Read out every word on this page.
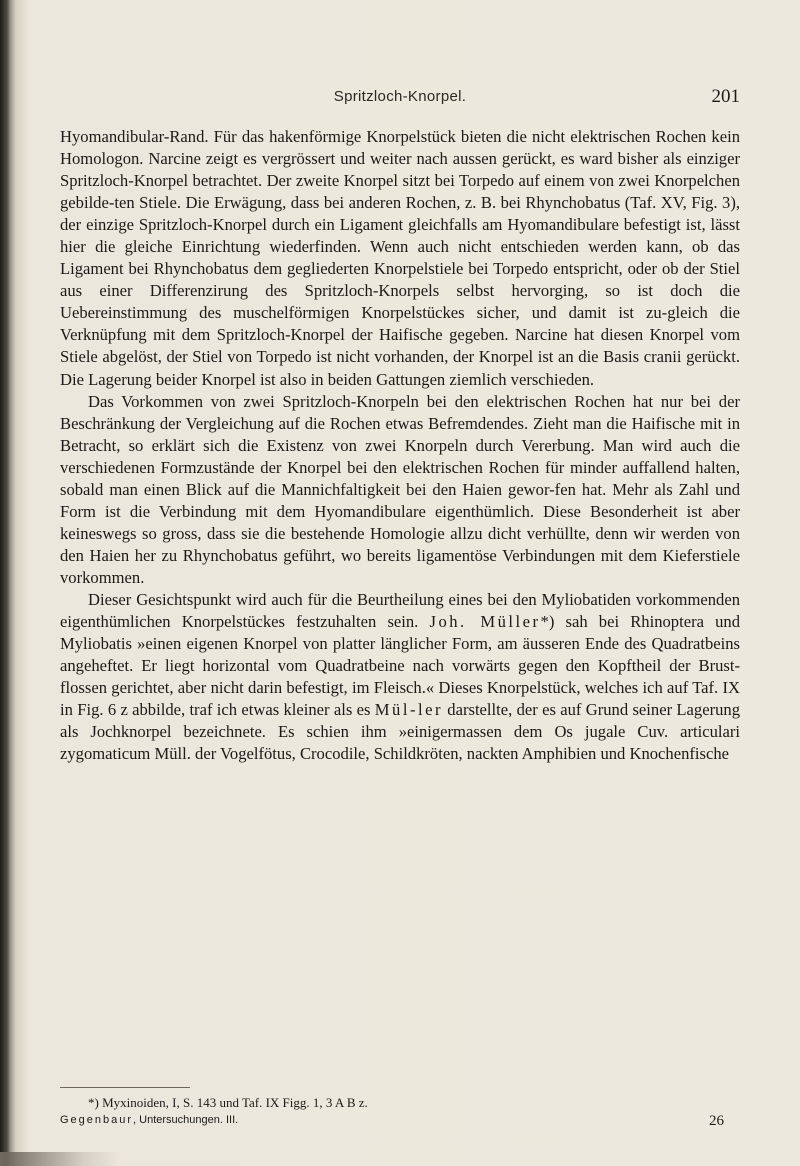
Spritzloch-Knorpel.	201

Hyomandibular-Rand. Für das hakenförmige Knorpelstück bieten die nicht elektrischen Rochen kein Homologon. Narcine zeigt es vergrössert und weiter nach aussen gerückt, es ward bisher als einziger Spritzloch-Knorpel betrachtet. Der zweite Knorpel sitzt bei Torpedo auf einem von zwei Knorpelchen gebilde-ten Stiele. Die Erwägung, dass bei anderen Rochen, z. B. bei Rhynchobatus (Taf. XV, Fig. 3), der einzige Spritzloch-Knorpel durch ein Ligament gleichfalls am Hyomandibulare befestigt ist, lässt hier die gleiche Einrichtung wiederfinden. Wenn auch nicht entschieden werden kann, ob das Ligament bei Rhynchobatus dem gegliederten Knorpelstiele bei Torpedo entspricht, oder ob der Stiel aus einer Differenzirung des Spritzloch-Knorpels selbst hervorging, so ist doch die Uebereinstimmung des muschelförmigen Knorpelstückes sicher, und damit ist zu-gleich die Verknüpfung mit dem Spritzloch-Knorpel der Haifische gegeben. Narcine hat diesen Knorpel vom Stiele abgelöst, der Stiel von Torpedo ist nicht vorhanden, der Knorpel ist an die Basis cranii gerückt. Die Lagerung beider Knorpel ist also in beiden Gattungen ziemlich verschieden.

Das Vorkommen von zwei Spritzloch-Knorpeln bei den elektrischen Rochen hat nur bei der Beschränkung der Vergleichung auf die Rochen etwas Befremdendes. Zieht man die Haifische mit in Betracht, so erklärt sich die Existenz von zwei Knorpeln durch Vererbung. Man wird auch die verschiedenen Formzustände der Knorpel bei den elektrischen Rochen für minder auffallend halten, sobald man einen Blick auf die Mannichfaltigkeit bei den Haien gewor-fen hat. Mehr als Zahl und Form ist die Verbindung mit dem Hyomandibulare eigenthümlich. Diese Besonderheit ist aber keineswegs so gross, dass sie die bestehende Homologie allzu dicht verhüllte, denn wir werden von den Haien her zu Rhynchobatus geführt, wo bereits ligamentöse Verbindungen mit dem Kieferstiele vorkommen.

Dieser Gesichtspunkt wird auch für die Beurtheilung eines bei den Myliobatiden vorkommenden eigenthümlichen Knorpelstückes festzuhalten sein. Joh. Müller*) sah bei Rhinoptera und Myliobatis »einen eigenen Knorpel von platter länglicher Form, am äusseren Ende des Quadratbeins angeheftet. Er liegt horizontal vom Quadratbeine nach vorwärts gegen den Kopftheil der Brust-flossen gerichtet, aber nicht darin befestigt, im Fleisch.« Dieses Knorpelstück, welches ich auf Taf. IX in Fig. 6 z abbilde, traf ich etwas kleiner als es Mül-ler darstellte, der es auf Grund seiner Lagerung als Jochknorpel bezeichnete. Es schien ihm »einigermassen dem Os jugale Cuv. articulari zygomaticum Müll. der Vogelfötus, Crocodile, Schildkröten, nackten Amphibien und Knochenfische

*) Myxinoiden, I, S. 143 und Taf. IX Figg. 1, 3 A B z.
Gegenbaur, Untersuchungen. III.	26
